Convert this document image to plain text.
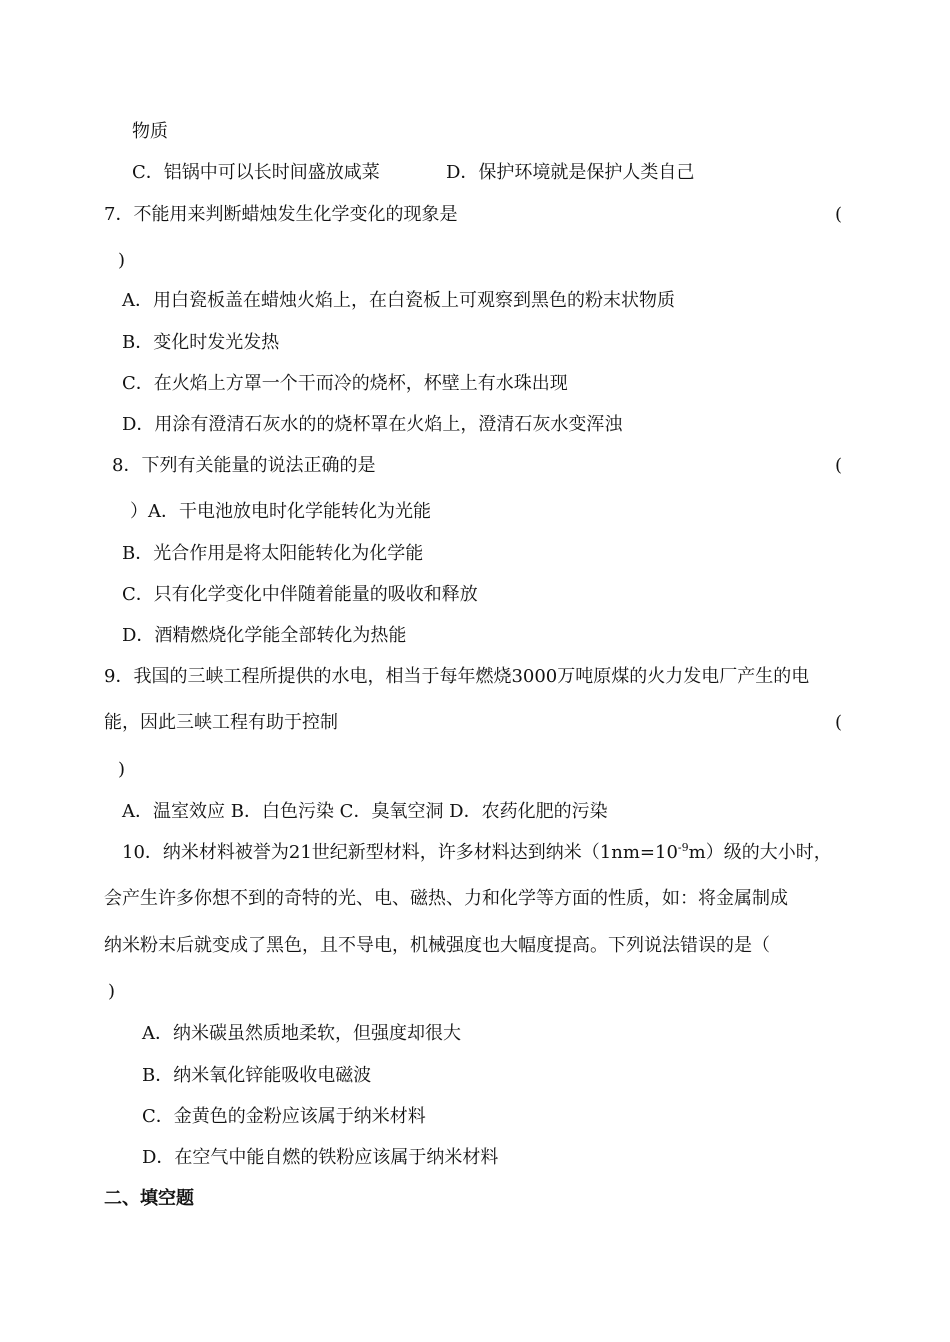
物质
C．铝锅中可以长时间盛放咸菜	D．保护环境就是保护人类自己
7．不能用来判断蜡烛发生化学变化的现象是	(
)
A．用白瓷板盖在蜡烛火焰上，在白瓷板上可观察到黑色的粉末状物质
B．变化时发光发热
C．在火焰上方罩一个干而冷的烧杯，杯壁上有水珠出现
D．用涂有澄清石灰水的的烧杯罩在火焰上，澄清石灰水变浑浊
8．下列有关能量的说法正确的是	(
）A．干电池放电时化学能转化为光能
B．光合作用是将太阳能转化为化学能
C．只有化学变化中伴随着能量的吸收和释放
D．酒精燃烧化学能全部转化为热能
9．我国的三峡工程所提供的水电，相当于每年燃烧3000万吨原煤的火力发电厂产生的电
能，因此三峡工程有助于控制	(
)
A．温室效应 B．白色污染 C．臭氧空洞 D．农药化肥的污染
10．纳米材料被誉为21世纪新型材料，许多材料达到纳米$(1nm=10^{-9}m)$级的大小时，
会产生许多你想不到的奇特的光、电、磁热、力和化学等方面的性质，如：将金属制成
纳米粉末后就变成了黑色，且不导电，机械强度也大幅度提高。下列说法错误的是（
)
A．纳米碳虽然质地柔软，但强度却很大
B．纳米氧化锌能吸收电磁波
C．金黄色的金粉应该属于纳米材料
D．在空气中能自燃的铁粉应该属于纳米材料
二、填空题
